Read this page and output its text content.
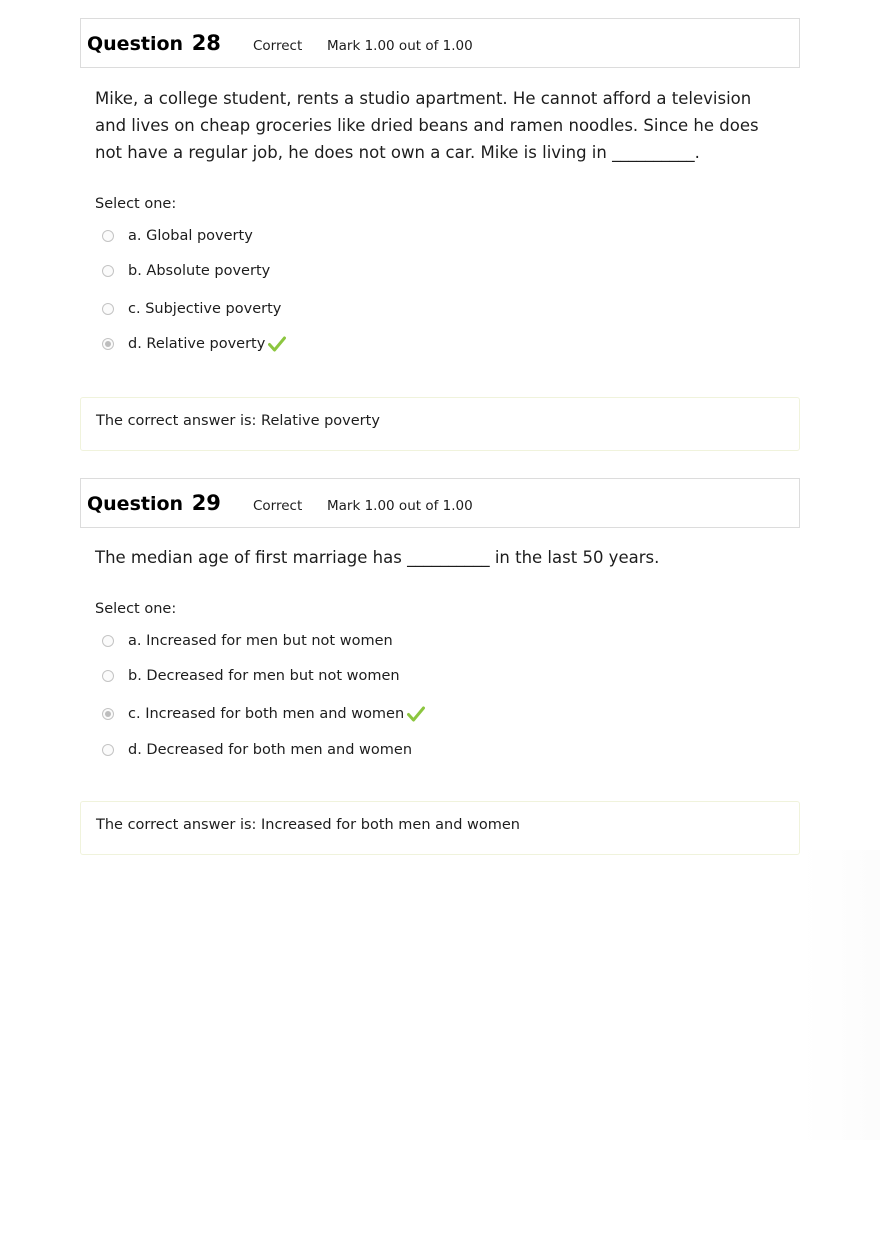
Question 28 Correct Mark 1.00 out of 1.00
Mike, a college student, rents a studio apartment. He cannot afford a television and lives on cheap groceries like dried beans and ramen noodles. Since he does not have a regular job, he does not own a car. Mike is living in __________.
Select one:
a. Global poverty
b. Absolute poverty
c. Subjective poverty
d. Relative poverty
The correct answer is: Relative poverty
Question 29 Correct Mark 1.00 out of 1.00
The median age of first marriage has __________ in the last 50 years.
Select one:
a. Increased for men but not women
b. Decreased for men but not women
c. Increased for both men and women
d. Decreased for both men and women
The correct answer is: Increased for both men and women
